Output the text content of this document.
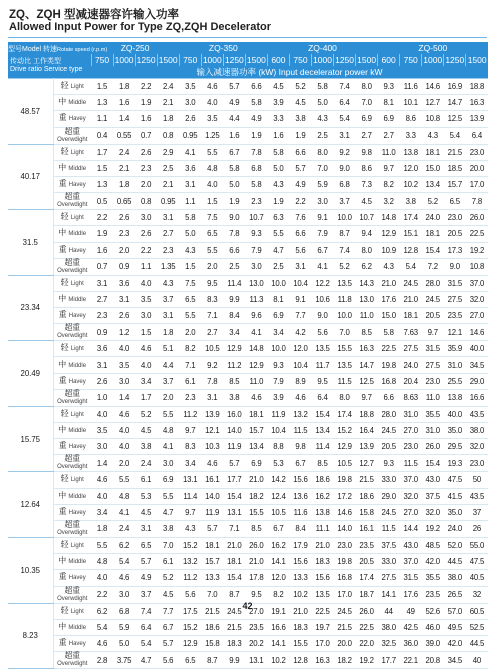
ZQ、ZQH 型减速器容许输入功率
Allowed Input Power for Type ZQ,ZQH Decelerator
型号Model 转速Rotate speed (r.p.m)
传动比 工作类型
Drive ratio Service type		ZQ-250				ZQ-350				ZQ-400					ZQ-500				
		750	1000	1250	1500	750	1000	1250	1500	600	750	1000	1250	1500	600	750	1000	1250	1500
		输入减速器功率 (kW) Input decelerator power kW																	
48.57	轻 Light	1.5	1.8	2.2	2.4	3.5	4.6	5.7	6.6	4.5	5.2	5.8	7.4	8.0	9.3	11.6	14.6	16.9	18.8
	中 Middle	1.3	1.6	1.9	2.1	3.0	4.0	4.9	5.8	3.9	4.5	5.0	6.4	7.0	8.1	10.1	12.7	14.7	16.3
	重 Havey	1.1	1.4	1.6	1.8	2.6	3.5	4.4	4.9	3.3	3.8	4.3	5.4	6.9	6.9	8.6	10.8	12.5	13.9
	超重
Overwdight	0.4	0.55	0.7	0.8	0.95	1.25	1.6	1.9	1.6	1.9	2.5	3.1	2.7	2.7	3.3	4.3	5.4	6.4
40.17	轻 Light	1.7	2.4	2.6	2.9	4.1	5.5	6.7	7.8	5.8	6.6	8.0	9.2	9.8	11.0	13.8	18.1	21.5	23.0
	中 Middle	1.5	2.1	2.3	2.5	3.6	4.8	5.8	6.8	5.0	5.7	7.0	9.0	8.6	9.7	12.0	15.0	18.5	20.0
	重 Havey	1.3	1.8	2.0	2.1	3.1	4.0	5.0	5.8	4.3	4.9	5.9	6.8	7.3	8.2	10.2	13.4	15.7	17.0
	超重
Overwdight	0.5	0.65	0.8	0.95	1.1	1.5	1.9	2.3	1.9	2.2	3.0	3.7	4.5	3.2	3.8	5.2	6.5	7.8
31.5	轻 Light	2.2	2.6	3.0	3.1	5.8	7.5	9.0	10.7	6.3	7.6	9.1	10.0	10.7	14.8	17.4	24.0	23.0	26.0
	中 Middle	1.9	2.3	2.6	2.7	5.0	6.5	7.8	9.3	5.5	6.6	7.9	8.7	9.4	12.9	15.1	18.1	20.5	22.5
	重 Havey	1.6	2.0	2.2	2.3	4.3	5.5	6.6	7.9	4.7	5.6	6.7	7.4	8.0	10.9	12.8	15.4	17.3	19.2
	超重
Overwdight	0.7	0.9	1.1	1.35	1.5	2.0	2.5	3.0	2.5	3.1	4.1	5.2	6.2	4.3	5.4	7.2	9.0	10.8
23.34	轻 Light	3.1	3.6	4.0	4.3	7.5	9.5	11.4	13.0	10.0	10.4	12.2	13.5	14.3	21.0	24.5	28.0	31.5	37.0
	中 Middle	2.7	3.1	3.5	3.7	6.5	8.3	9.9	11.3	8.1	9.1	10.6	11.8	13.0	17.6	21.0	24.5	27.5	32.0
	重 Havey	2.3	2.6	3.0	3.1	5.5	7.1	8.4	9.6	6.9	7.7	9.0	10.0	11.0	15.0	18.1	20.5	23.5	27.0
	超重
Overwdight	0.9	1.2	1.5	1.8	2.0	2.7	3.4	4.1	3.4	4.2	5.6	7.0	8.5	5.8	7.63	9.7	12.1	14.6
20.49	轻 Light	3.6	4.0	4.6	5.1	8.2	10.5	12.9	14.8	10.0	12.0	13.5	15.5	16.3	22.5	27.5	31.5	35.9	40.0
	中 Middle	3.1	3.5	4.0	4.4	7.1	9.2	11.2	12.9	9.3	10.4	11.7	13.5	14.7	19.8	24.0	27.5	31.0	34.5
	重 Havey	2.6	3.0	3.4	3.7	6.1	7.8	8.5	11.0	7.9	8.9	9.5	11.5	12.5	16.8	20.4	23.0	25.5	29.0
	超重
Overwdight	1.0	1.4	1.7	2.0	2.3	3.1	3.8	4.6	3.9	4.6	6.4	8.0	9.7	6.6	8.63	11.0	13.8	16.6
15.75	轻 Light	4.0	4.6	5.2	5.5	11.2	13.9	16.0	18.1	11.9	13.2	15.4	17.4	18.8	28.0	31.0	35.5	40.0	43.5
	中 Middle	3.5	4.0	4.5	4.8	9.7	12.1	14.0	15.7	10.4	11.5	13.4	15.2	16.4	24.5	27.0	31.0	35.0	38.0
	重 Havey	3.0	4.0	3.8	4.1	8.3	10.3	11.9	13.4	8.8	9.8	11.4	12.9	13.9	20.5	23.0	26.0	29.5	32.0
	超重
Overwdight	1.4	2.0	2.4	3.0	3.4	4.6	5.7	6.9	5.3	6.7	8.5	10.5	12.7	9.3	11.5	15.4	19.3	23.0
12.64	轻 Light	4.6	5.5	6.1	6.9	13.1	16.1	17.7	21.0	14.2	15.6	18.6	19.8	21.5	33.0	37.0	43.0	47.5	50
	中 Middle	4.0	4.8	5.3	5.5	11.4	14.0	15.4	18.2	12.4	13.6	16.2	17.2	18.6	29.0	32.0	37.5	41.5	43.5
	重 Havey	3.4	4.1	4.5	4.7	9.7	11.9	13.1	15.5	10.5	11.6	13.8	14.6	15.8	24.5	27.0	32.0	35.0	37
	超重
Overwdight	1.8	2.4	3.1	3.8	4.3	5.7	7.1	8.5	6.7	8.4	11.1	14.0	16.1	11.5	14.4	19.2	24.0	26
10.35	轻 Light	5.5	6.2	6.5	7.0	15.2	18.1	21.0	26.0	16.2	17.9	21.0	23.0	23.5	37.5	43.0	48.5	52.0	55.0
	中 Middle	4.8	5.4	5.7	6.1	13.2	15.7	18.1	21.0	14.1	15.6	18.3	19.8	20.5	33.0	37.0	42.0	44.5	47.5
	重 Havey	4.0	4.6	4.9	5.2	11.2	13.3	15.4	17.8	12.0	13.3	15.6	16.8	17.4	27.5	31.5	35.5	38.0	40.5
	超重
Overwdight	2.2	3.0	3.7	4.5	5.6	7.0	8.7	9.5	8.2	10.2	13.5	17.0	18.7	14.1	17.6	23.5	26.5	32
8.23	轻 Light	6.2	6.8	7.4	7.7	17.5	21.5	24.5	27.0	19.1	21.0	22.5	24.5	26.0	44	49	52.6	57.0	60.5
	中 Middle	5.4	5.9	6.4	6.7	15.2	18.6	21.5	23.5	16.6	18.3	19.7	21.5	22.5	38.0	42.5	46.0	49.5	52.5
	重 Havey	4.6	5.0	5.4	5.7	12.9	15.8	18.3	20.2	14.1	15.5	17.0	20.0	22.0	32.5	36.0	39.0	42.0	44.5
	超重
Overwdight	2.8	3.75	4.7	5.6	6.5	8.7	9.9	13.1	10.2	12.8	16.3	18.2	19.2	17.7	22.1	20.8	34.5	40
42
